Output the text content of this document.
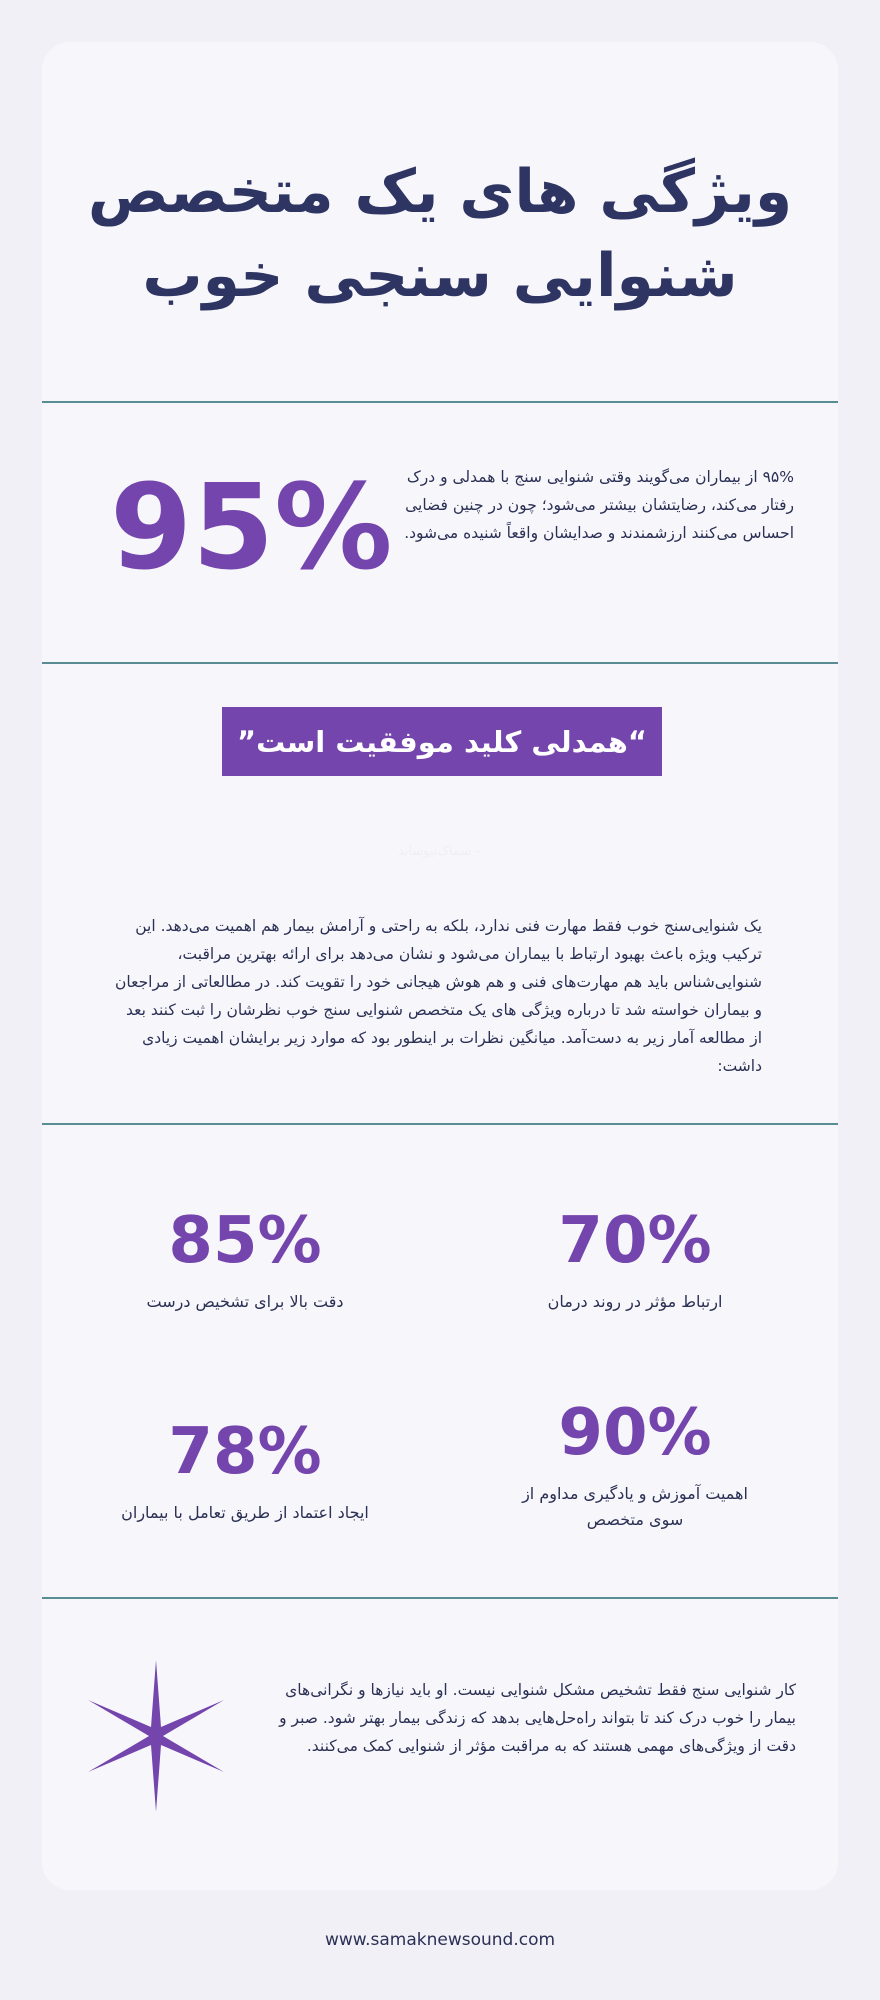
ویژگی های یک متخصص
شنوایی سنجی خوب
95% ۹۵% از بیماران می‌گویند وقتی شنوایی سنج با همدلی و درک رفتار می‌کند، رضایتشان بیشتر می‌شود؛ چون در چنین فضایی احساس می‌کنند ارزشمندند و صدایشان واقعاً شنیده می‌شود.
“همدلی کلید موفقیت است”
– سماک‌نیوساند
یک شنوایی‌سنج خوب فقط مهارت فنی ندارد، بلکه به راحتی و آرامش بیمار هم اهمیت می‌دهد. این ترکیب ویژه باعث بهبود ارتباط با بیماران می‌شود و نشان می‌دهد برای ارائه بهترین مراقبت، شنوایی‌شناس باید هم مهارت‌های فنی و هم هوش هیجانی خود را تقویت کند. در مطالعاتی از مراجعان و بیماران خواسته شد تا درباره ویژگی های یک متخصص شنوایی سنج خوب نظرشان را ثبت کنند بعد از مطالعه آمار زیر به دست‌آمد. میانگین نظرات بر اینطور بود که موارد زیر برایشان اهمیت زیادی داشت:
85%
دقت بالا برای تشخیص درست
70%
ارتباط مؤثر در روند درمان
78%
ایجاد اعتماد از طریق تعامل با بیماران
90%
اهمیت آموزش و یادگیری مداوم از سوی متخصص
کار شنوایی سنج فقط تشخیص مشکل شنوایی نیست. او باید نیازها و نگرانی‌های بیمار را خوب درک کند تا بتواند راه‌حل‌هایی بدهد که زندگی بیمار بهتر شود. صبر و دقت از ویژگی‌های مهمی هستند که به مراقبت مؤثر از شنوایی کمک می‌کنند.
www.samaknewsound.com
